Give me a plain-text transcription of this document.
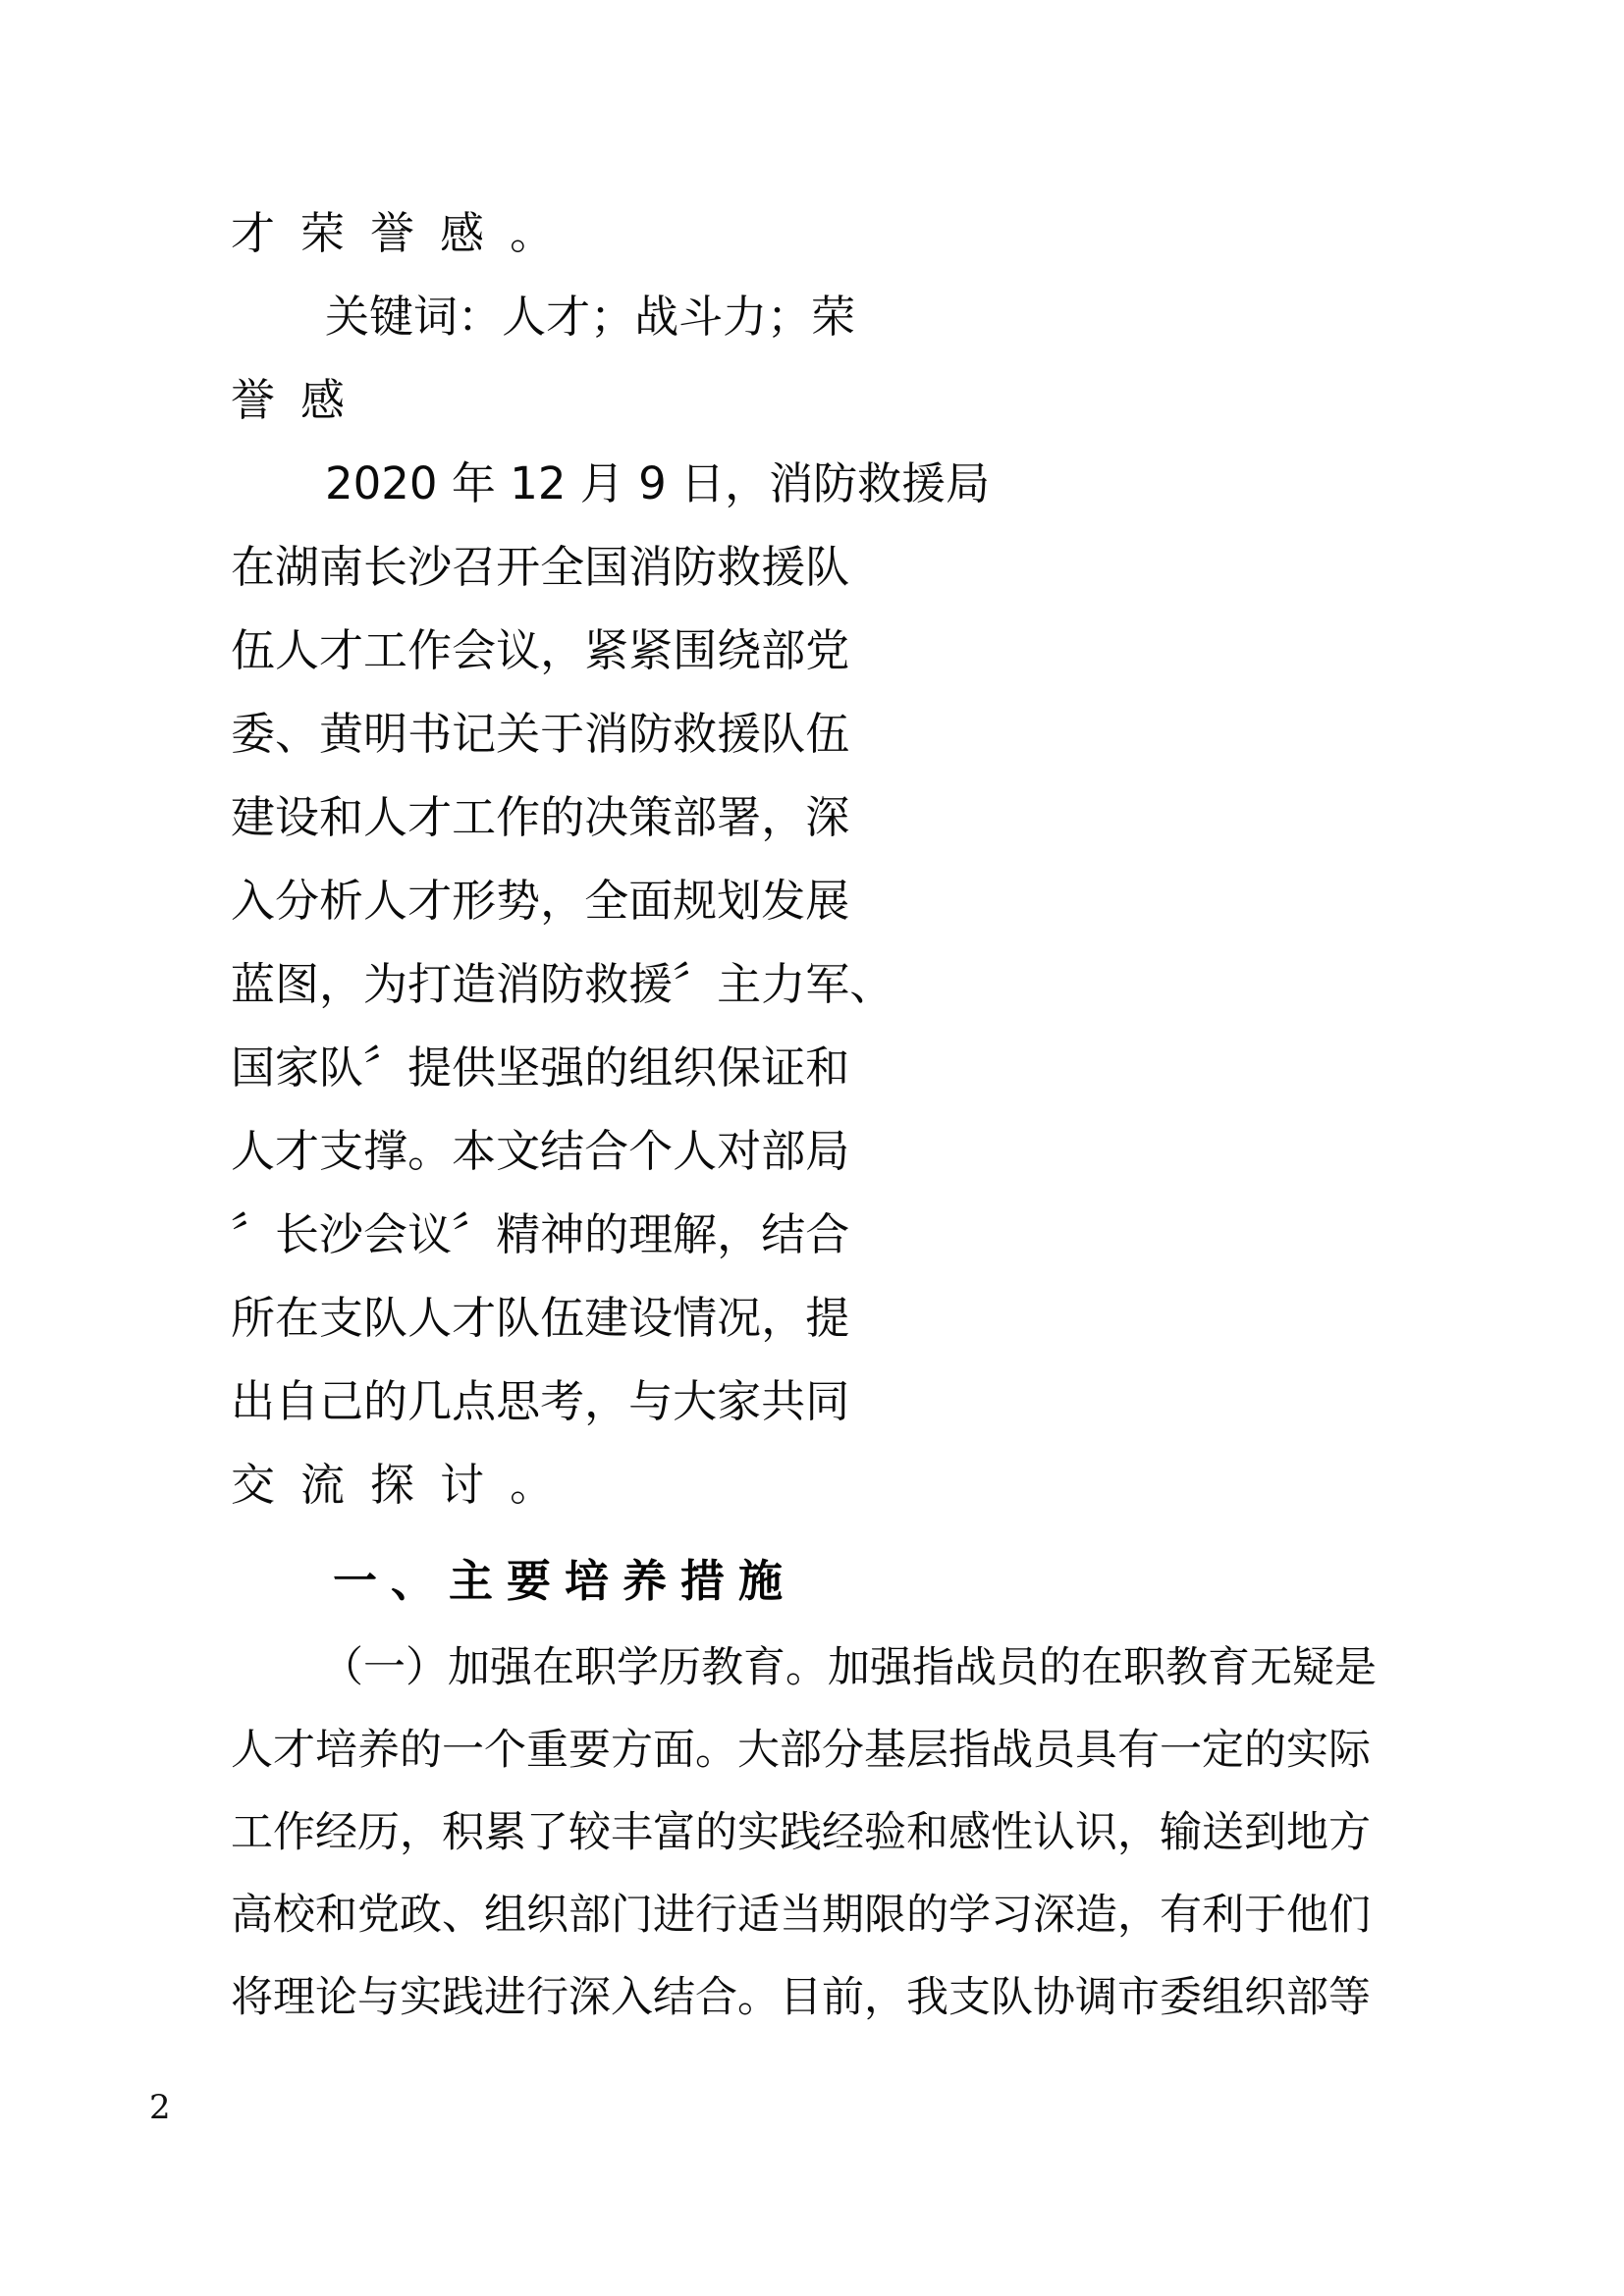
才荣誉感。
关键词：人才；战斗力；荣
誉感
2020 年 12 月 9 日，消防救援局
在湖南长沙召开全国消防救援队
伍人才工作会议，紧紧围绕部党
委、黄明书记关于消防救援队伍
建设和人才工作的决策部署，深
入分析人才形势，全面规划发展
蓝图，为打造消防救援〞主力军、
国家队〞提供坚强的组织保证和
人才支撑。本文结合个人对部局
〞长沙会议〞精神的理解，结合
所在支队人才队伍建设情况，提
出自己的几点思考，与大家共同
交流探讨。
一、主要培养措施
（一）加强在职学历教育。加强指战员的在职教育无疑是
人才培养的一个重要方面。大部分基层指战员具有一定的实际
工作经历，积累了较丰富的实践经验和感性认识，输送到地方
高校和党政、组织部门进行适当期限的学习深造，有利于他们
将理论与实践进行深入结合。目前，我支队协调市委组织部等
2
